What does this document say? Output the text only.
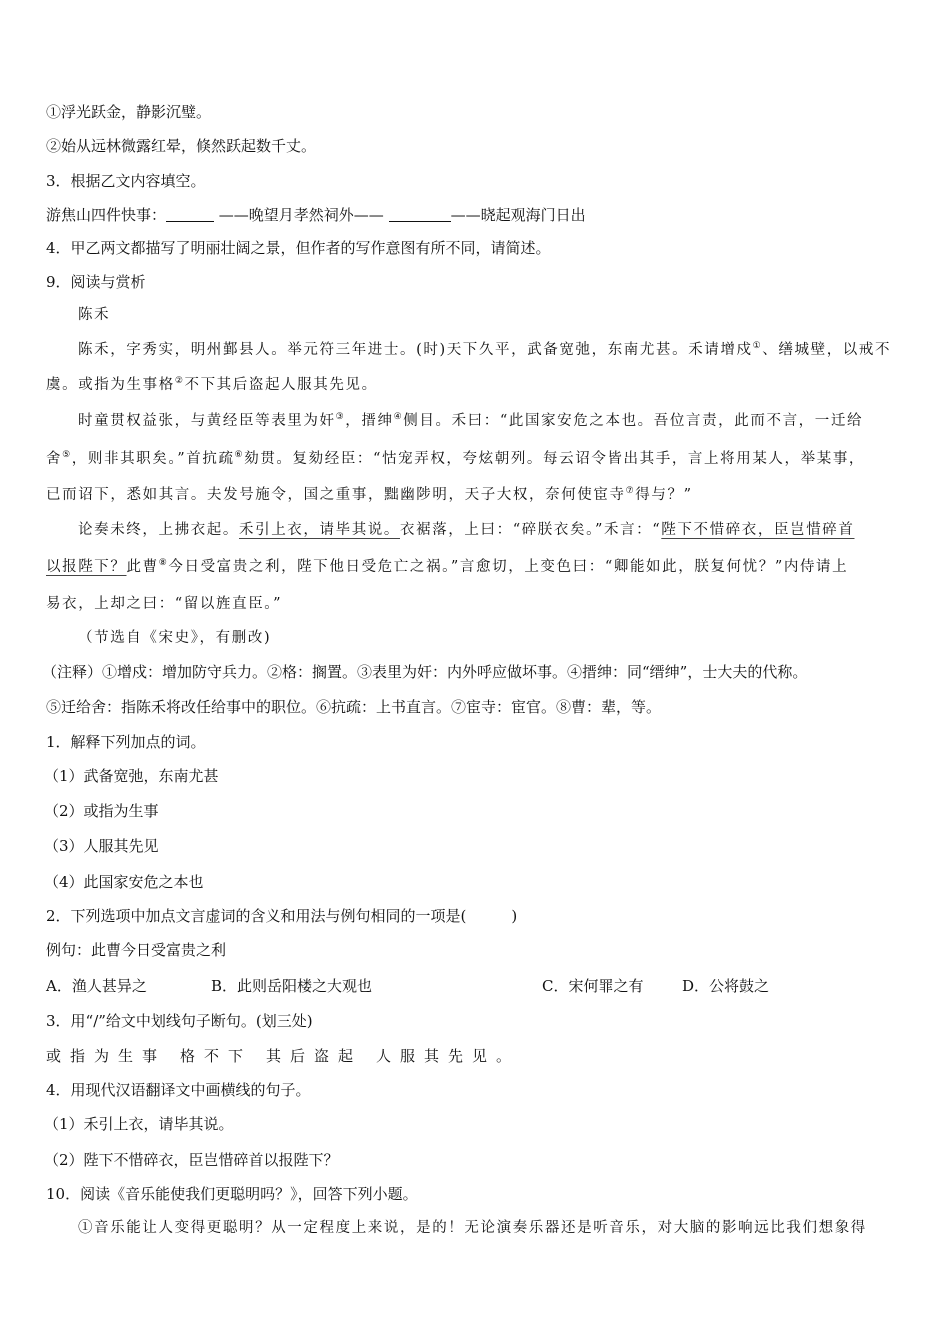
①浮光跃金，静影沉璧。
②始从远林微露红晕，倏然跃起数千丈。
3．根据乙文内容填空。
游焦山四件快事：	——晚望月孝然祠外——	——晓起观海门日出
4．甲乙两文都描写了明丽壮阔之景，但作者的写作意图有所不同，请简述。
9．阅读与赏析
陈禾
陈禾，字秀实，明州鄞县人。举元符三年进士。(时)天下久平，武备宽弛，东南尤甚。禾请增戍①、缮城壁，以戒不
虞。或指为生事格②不下其后盗起人服其先见。
时童贯权益张，与黄经臣等表里为奸③，搢绅④侧目。禾曰：“此国家安危之本也。吾位言责，此而不言，一迁给
舍⑤，则非其职矣。”首抗疏⑥劾贯。复劾经臣：“怙宠弄权，夸炫朝列。每云诏令皆出其手，言上将用某人，举某事，
已而诏下，悉如其言。夫发号施令，国之重事，黜幽陟明，天子大权，奈何使宦寺⑦得与？”
论奏未终，上拂衣起。禾引上衣，请毕其说。衣裾落，上曰：“碎朕衣矣。”禾言：“陛下不惜碎衣，臣岂惜碎首
以报陛下？此曹⑧今日受富贵之利，陛下他日受危亡之祸。”言愈切，上变色曰：“卿能如此，朕复何忧？”内侍请上
易衣，上却之曰：“留以旌直臣。”
（节选自《宋史》，有删改)
（注释）①增戍：增加防守兵力。②格：搁置。③表里为奸：内外呼应做坏事。④搢绅：同“缙绅”，士大夫的代称。
⑤迁给舍：指陈禾将改任给事中的职位。⑥抗疏：上书直言。⑦宦寺：宦官。⑧曹：辈，等。
1．解释下列加点的词。
（1）武备宽弛，东南尤甚
（2）或指为生事
（3）人服其先见
（4）此国家安危之本也
2．下列选项中加点文言虚词的含义和用法与例句相同的一项是(　　　)
例句：此曹今日受富贵之利
A．渔人甚异之	B．此则岳阳楼之大观也	C．宋何罪之有	D．公将鼓之
3．用“/”给文中划线句子断句。(划三处)
或指为生事 格不下 其后盗起 人服其先见。
4．用现代汉语翻译文中画横线的句子。
（1）禾引上衣，请毕其说。
（2）陛下不惜碎衣，臣岂惜碎首以报陛下？
10．阅读《音乐能使我们更聪明吗？》，回答下列小题。
①音乐能让人变得更聪明？从一定程度上来说，是的！无论演奏乐器还是听音乐，对大脑的影响远比我们想象得
